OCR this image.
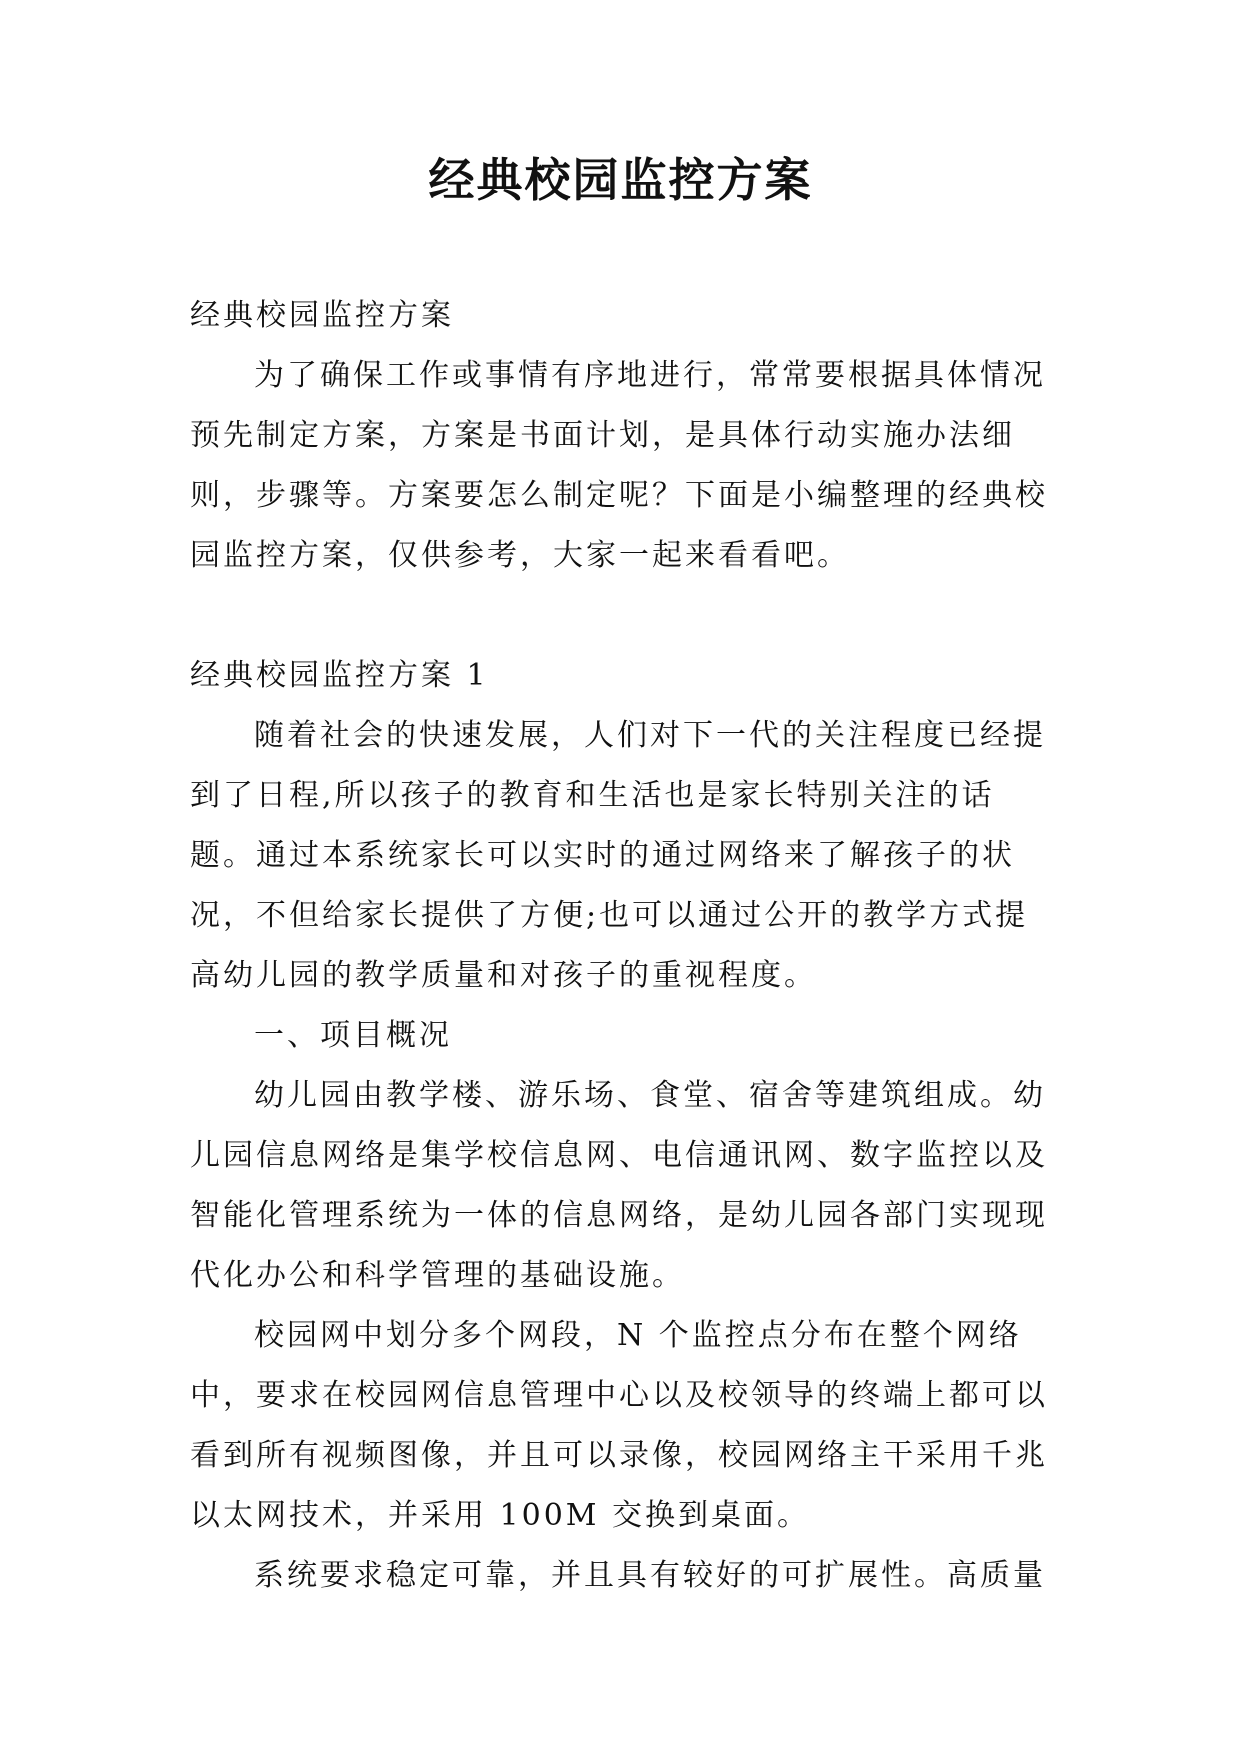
经典校园监控方案

经典校园监控方案

为了确保工作或事情有序地进行，常常要根据具体情况预先制定方案，方案是书面计划，是具体行动实施办法细则，步骤等。方案要怎么制定呢？下面是小编整理的经典校园监控方案，仅供参考，大家一起来看看吧。

经典校园监控方案 1

随着社会的快速发展，人们对下一代的关注程度已经提到了日程,所以孩子的教育和生活也是家长特别关注的话题。通过本系统家长可以实时的通过网络来了解孩子的状况，不但给家长提供了方便;也可以通过公开的教学方式提高幼儿园的教学质量和对孩子的重视程度。

一、项目概况

幼儿园由教学楼、游乐场、食堂、宿舍等建筑组成。幼儿园信息网络是集学校信息网、电信通讯网、数字监控以及智能化管理系统为一体的信息网络，是幼儿园各部门实现现代化办公和科学管理的基础设施。

校园网中划分多个网段，N 个监控点分布在整个网络中，要求在校园网信息管理中心以及校领导的终端上都可以看到所有视频图像，并且可以录像，校园网络主干采用千兆以太网技术，并采用 100M 交换到桌面。

系统要求稳定可靠，并且具有较好的可扩展性。高质量
